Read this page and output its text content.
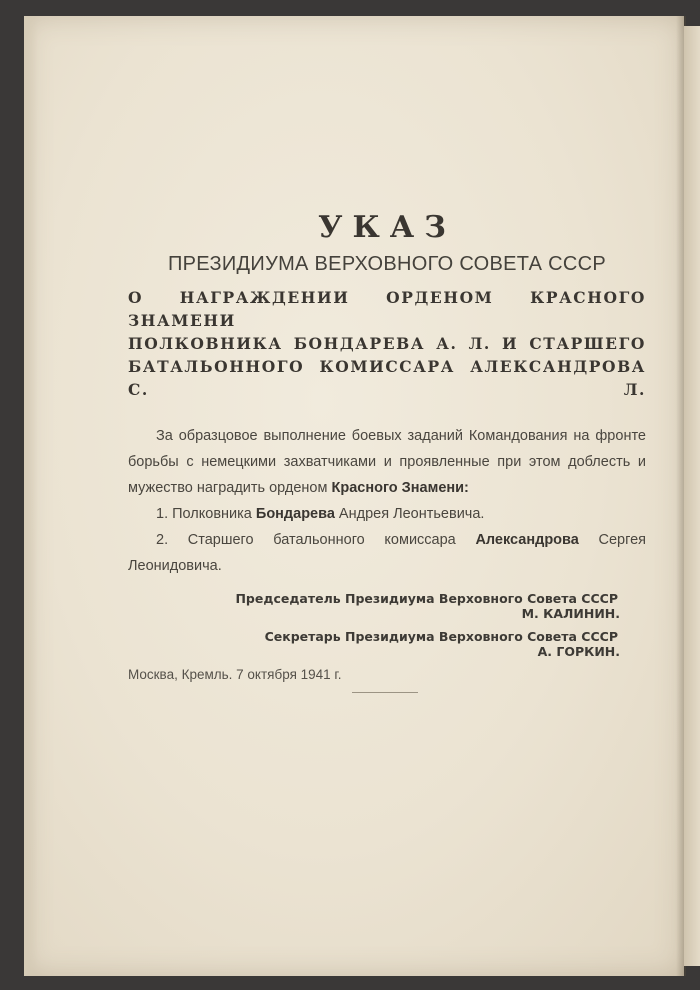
УКАЗ
ПРЕЗИДИУМА ВЕРХОВНОГО СОВЕТА СССР
О НАГРАЖДЕНИИ ОРДЕНОМ КРАСНОГО ЗНАМЕНИ
ПОЛКОВНИКА БОНДАРЕВА А. Л. И СТАРШЕГО
БАТАЛЬОННОГО КОМИССАРА АЛЕКСАНДРОВА С. Л.

За образцовое выполнение боевых заданий Командования на фронте борьбы с немецкими захватчиками и проявленные при этом доблесть и мужество наградить орденом Красного Знамени:

1. Полковника Бондарева Андрея Леонтьевича.

2. Старшего батальонного комиссара Александрова Сергея Леонидовича.

Председатель Президиума Верховного Совета СССР
М. КАЛИНИН.
Секретарь Президиума Верховного Совета СССР
А. ГОРКИН.
Москва, Кремль. 7 октября 1941 г.
